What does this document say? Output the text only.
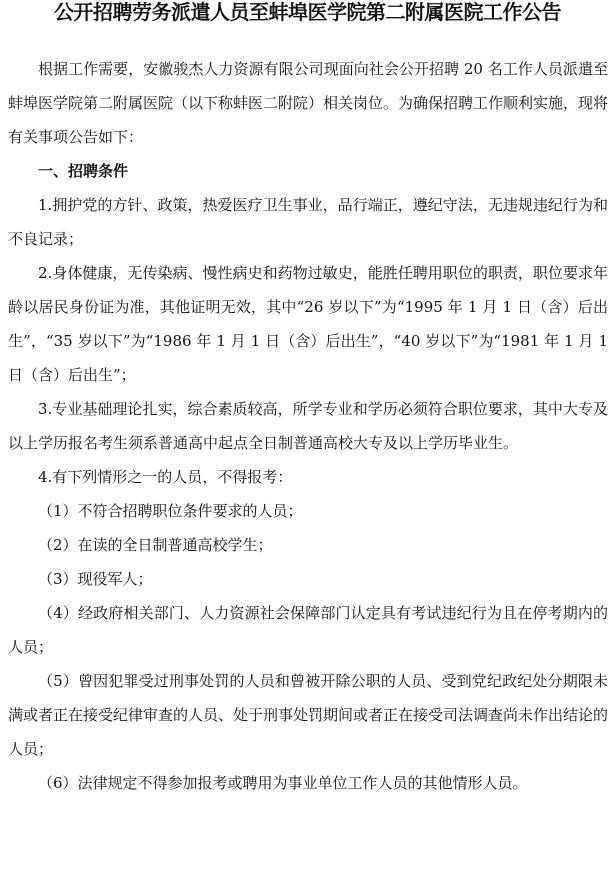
公开招聘劳务派遣人员至蚌埠医学院第二附属医院工作公告

根据工作需要，安徽骏杰人力资源有限公司现面向社会公开招聘 20 名工作人员派遣至蚌埠医学院第二附属医院（以下称蚌医二附院）相关岗位。为确保招聘工作顺利实施，现将有关事项公告如下：

一、招聘条件

1.拥护党的方针、政策，热爱医疗卫生事业，品行端正，遵纪守法，无违规违纪行为和不良记录；

2.身体健康，无传染病、慢性病史和药物过敏史，能胜任聘用职位的职责，职位要求年龄以居民身份证为准，其他证明无效，其中“26 岁以下”为“1995 年 1 月 1 日（含）后出生”，“35 岁以下”为“1986 年 1 月 1 日（含）后出生”，“40 岁以下”为“1981 年 1 月 1 日（含）后出生”；

3.专业基础理论扎实，综合素质较高，所学专业和学历必须符合职位要求，其中大专及以上学历报名考生须系普通高中起点全日制普通高校大专及以上学历毕业生。

4.有下列情形之一的人员，不得报考：

（1）不符合招聘职位条件要求的人员；

（2）在读的全日制普通高校学生；

（3）现役军人；

（4）经政府相关部门、人力资源社会保障部门认定具有考试违纪行为且在停考期内的人员；

（5）曾因犯罪受过刑事处罚的人员和曾被开除公职的人员、受到党纪政纪处分期限未满或者正在接受纪律审查的人员、处于刑事处罚期间或者正在接受司法调查尚未作出结论的人员；

（6）法律规定不得参加报考或聘用为事业单位工作人员的其他情形人员。
